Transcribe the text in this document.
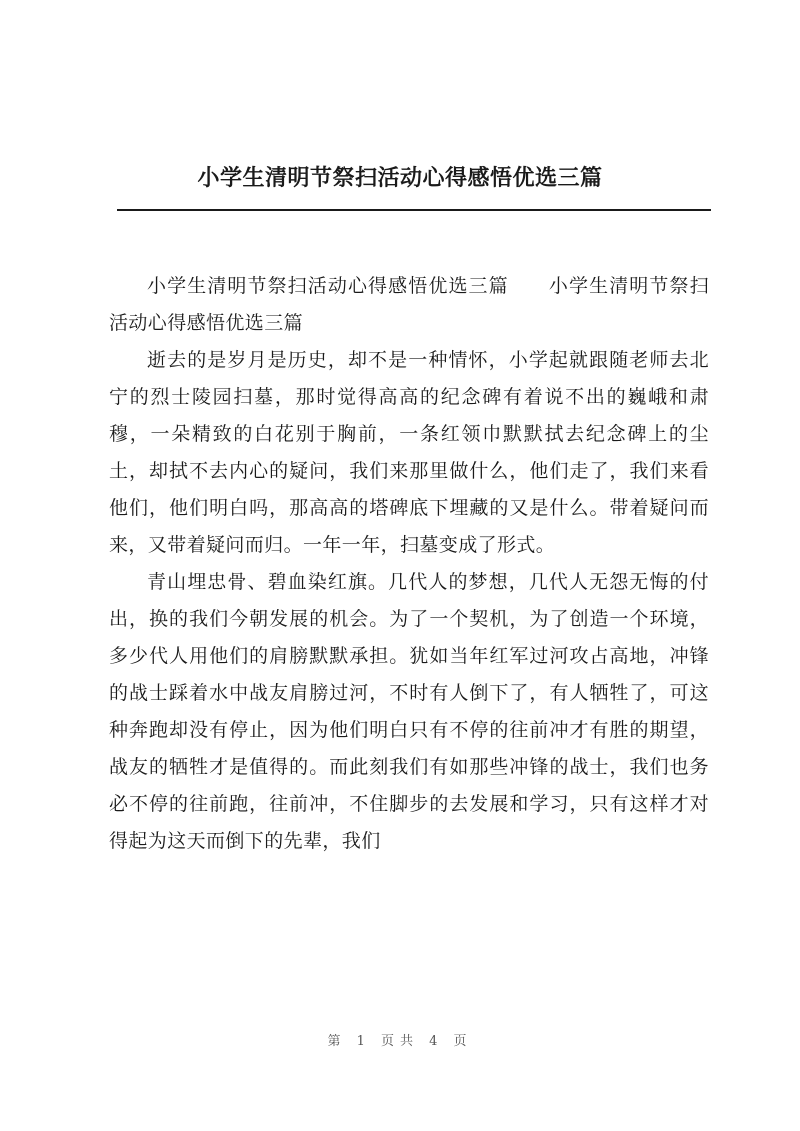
小学生清明节祭扫活动心得感悟优选三篇

小学生清明节祭扫活动心得感悟优选三篇　　小学生清明节祭扫活动心得感悟优选三篇

逝去的是岁月是历史，却不是一种情怀，小学起就跟随老师去北宁的烈士陵园扫墓，那时觉得高高的纪念碑有着说不出的巍峨和肃穆，一朵精致的白花别于胸前，一条红领巾默默拭去纪念碑上的尘土，却拭不去内心的疑问，我们来那里做什么，他们走了，我们来看他们，他们明白吗，那高高的塔碑底下埋藏的又是什么。带着疑问而来，又带着疑问而归。一年一年，扫墓变成了形式。

青山埋忠骨、碧血染红旗。几代人的梦想，几代人无怨无悔的付出，换的我们今朝发展的机会。为了一个契机，为了创造一个环境，多少代人用他们的肩膀默默承担。犹如当年红军过河攻占高地，冲锋的战士踩着水中战友肩膀过河，不时有人倒下了，有人牺牲了，可这种奔跑却没有停止，因为他们明白只有不停的往前冲才有胜的期望，战友的牺牲才是值得的。而此刻我们有如那些冲锋的战士，我们也务必不停的往前跑，往前冲，不住脚步的去发展和学习，只有这样才对得起为这天而倒下的先辈，我们

第 1 页共 4 页
